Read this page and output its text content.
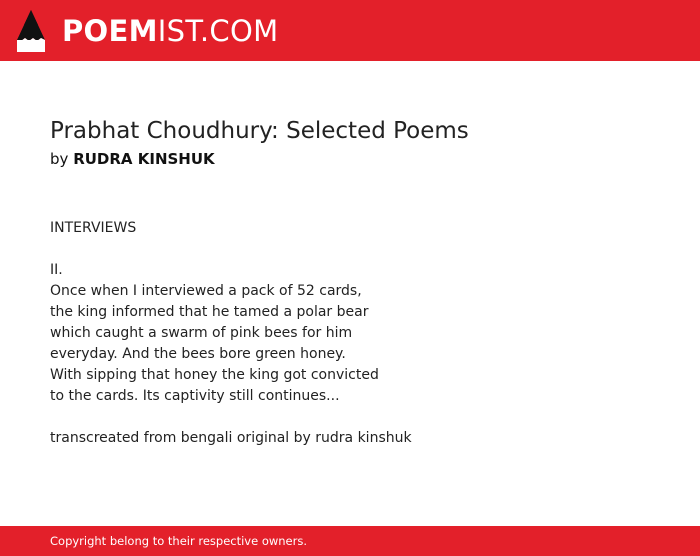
POEMIST.COM
Prabhat Choudhury: Selected Poems
by RUDRA KINSHUK
INTERVIEWS
II.
Once when I interviewed a pack of 52 cards,
the king informed that he tamed a polar bear
which caught a swarm of pink bees for him
everyday. And the bees bore green honey.
With sipping that honey the king got convicted
to the cards. Its captivity still continues...
transcreated from bengali original by rudra kinshuk
Copyright belong to their respective owners.
